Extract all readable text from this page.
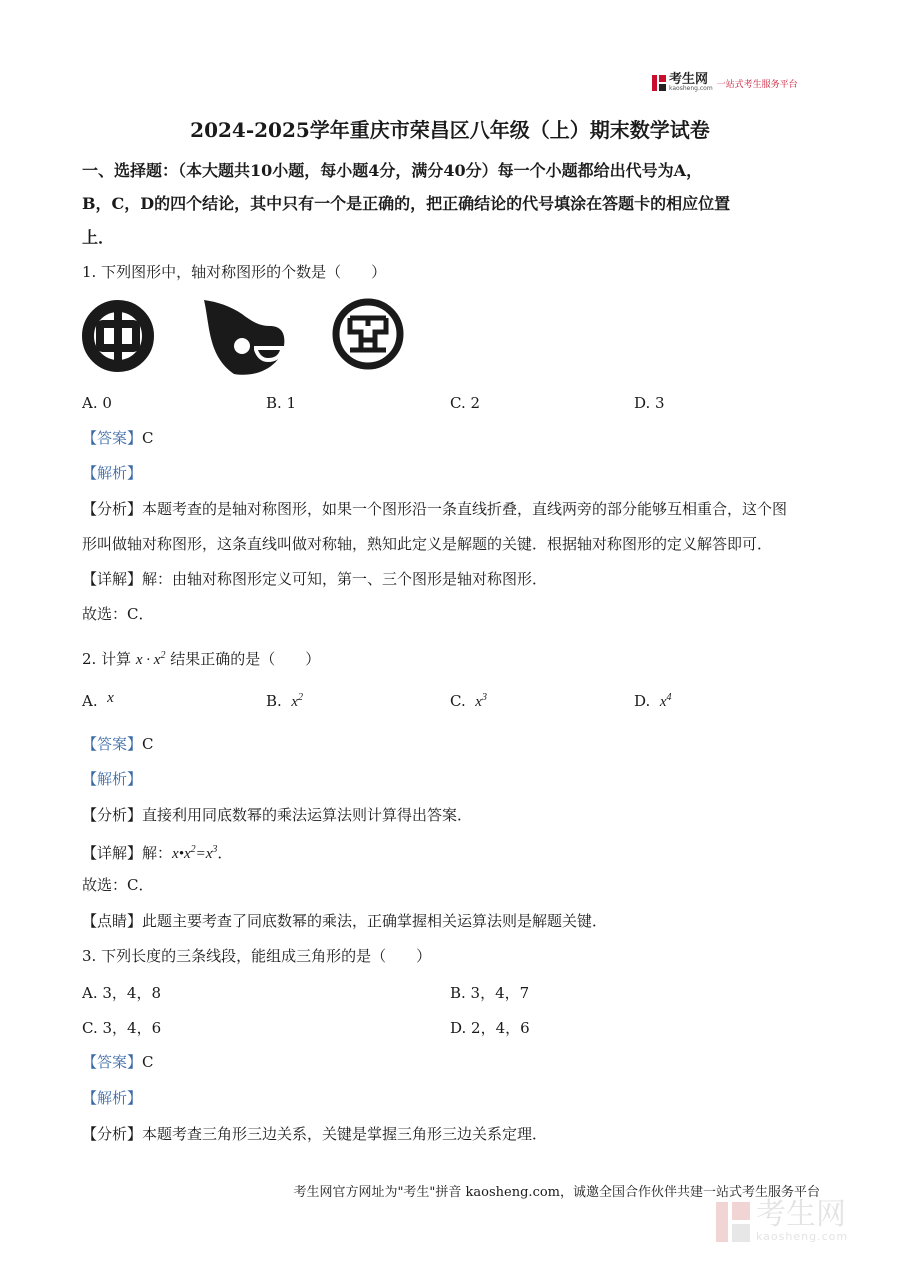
考生网
kaosheng.com 一站式考生服务平台
2024-2025学年重庆市荣昌区八年级（上）期末数学试卷
一、选择题：（本大题共10小题，每小题4分，满分40分）每一个小题都给出代号为A，
B，C，D的四个结论，其中只有一个是正确的，把正确结论的代号填涂在答题卡的相应位置
上．
1. 下列图形中，轴对称图形的个数是（　　）
A. 0	B. 1	C. 2	D. 3
【答案】C
【解析】
【分析】本题考查的是轴对称图形，如果一个图形沿一条直线折叠，直线两旁的部分能够互相重合，这个图
形叫做轴对称图形，这条直线叫做对称轴，熟知此定义是解题的关键．根据轴对称图形的定义解答即可．
【详解】解：由轴对称图形定义可知，第一、三个图形是轴对称图形．
故选：C．
2. 计算 $x \cdot x^2$ 结果正确的是（　　）
A. x	B. $x^2$	C. $x^3$	D. $x^4$
【答案】C
【解析】
【分析】直接利用同底数幂的乘法运算法则计算得出答案．
【详解】解：$x•x^2=x^3$．
故选：C．
【点睛】此题主要考查了同底数幂的乘法，正确掌握相关运算法则是解题关键．
3. 下列长度的三条线段，能组成三角形的是（　　）
A. 3，4，8	B. 3，4，7
C. 3，4，6	D. 2，4，6
【答案】C
【解析】
【分析】本题考查三角形三边关系，关键是掌握三角形三边关系定理．
考生网官方网址为"考生"拼音 kaosheng.com，诚邀全国合作伙伴共建一站式考生服务平台
考生网
kaosheng.com
